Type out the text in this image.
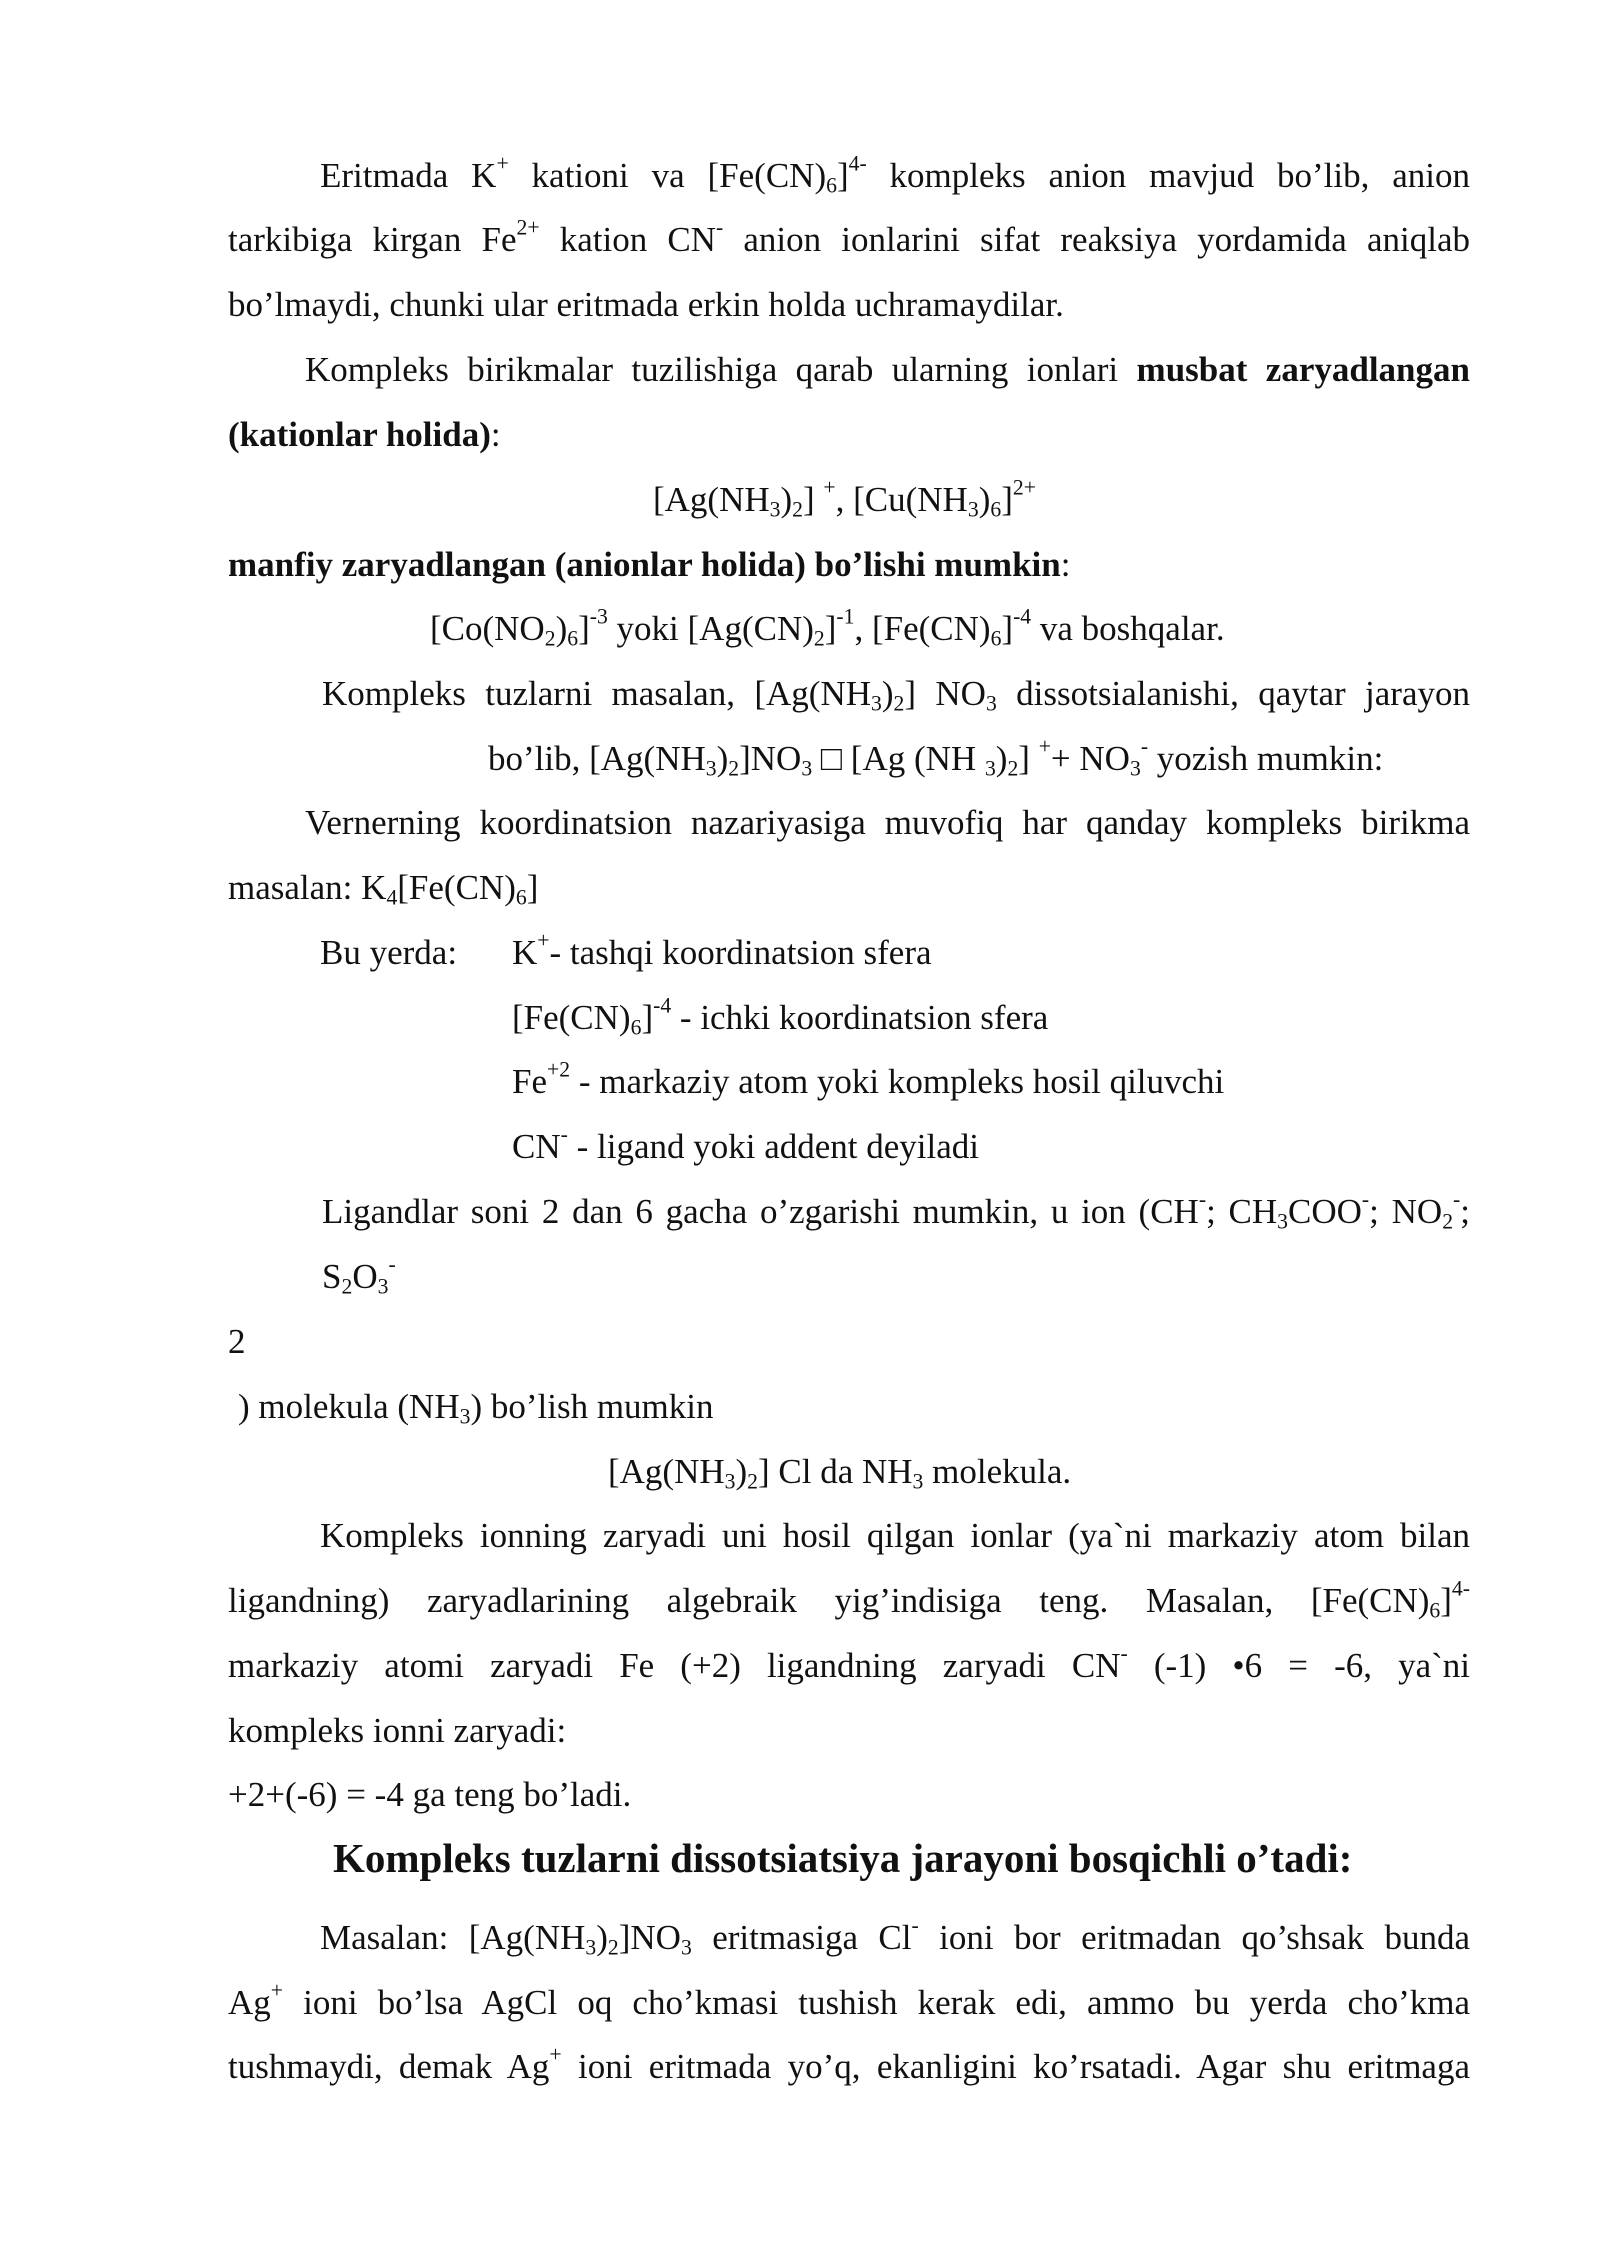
Eritmada K+ kationi va $[Fe(CN)_6]^{4-}$ kompleks anion mavjud bo’lib, anion
tarkibiga kirgan $Fe^{2+}$ kation CN- anion ionlarini sifat reaksiya yordamida aniqlab
bo’lmaydi, chunki ular eritmada erkin holda uchramaydilar.
Kompleks birikmalar tuzilishiga qarab ularning ionlari musbat zaryadlangan
(kationlar holida):
$[Ag(NH_3)_2]$ +, $[Cu(NH_3)_6]^{2+}$
manfiy zaryadlangan (anionlar holida) bo’lishi mumkin:
$[Co(NO_2)_6]^{-3}$ yoki $[Ag(CN)_2]^{-1}$, $[Fe(CN)_6]^{-4}$ va boshqalar.
Kompleks tuzlarni masalan, $[Ag(NH_3)_2]$ $NO_3$ dissotsialanishi, qaytar jarayon
bo’lib, $[Ag(NH_3)_2]NO_3$ □ [Ag (NH $_3)_2$] $^++ NO_3^-$ yozish mumkin:
Vernerning koordinatsion nazariyasiga muvofiq har qanday kompleks birikma
masalan: $K_4[Fe(CN)_6]$
Bu yerda: K+- tashqi koordinatsion sfera
$[Fe(CN)_6]^{-4}$ - ichki koordinatsion sfera
$Fe^{+2}$ - markaziy atom yoki kompleks hosil qiluvchi
CN- - ligand yoki addent deyiladi
Ligandlar soni 2 dan 6 gacha o’zgarishi mumkin, u ion (CH-; $CH_3COO^-$; $NO_2^-$;
$S_2O_3^-$
2
) molekula $(NH_3)$ bo’lish mumkin
$[Ag(NH_3)_2]$ Cl da $NH_3$ molekula.
Kompleks ionning zaryadi uni hosil qilgan ionlar (ya`ni markaziy atom bilan
ligandning) zaryadlarining algebraik yig’indisiga teng. Masalan, $[Fe(CN)_6]^{4-}$
markaziy atomi zaryadi Fe (+2) ligandning zaryadi CN- (-1) •6 = -6, ya`ni
kompleks ionni zaryadi:
+2+(-6) = -4 ga teng bo’ladi.
Kompleks tuzlarni dissotsiatsiya jarayoni bosqichli o’tadi:
Masalan: $[Ag(NH_3)_2]NO_3$ eritmasiga Cl- ioni bor eritmadan qo’shsak bunda
Ag+ ioni bo’lsa AgCl oq cho’kmasi tushish kerak edi, ammo bu yerda cho’kma
tushmaydi, demak Ag+ ioni eritmada yo’q, ekanligini ko’rsatadi. Agar shu eritmaga
